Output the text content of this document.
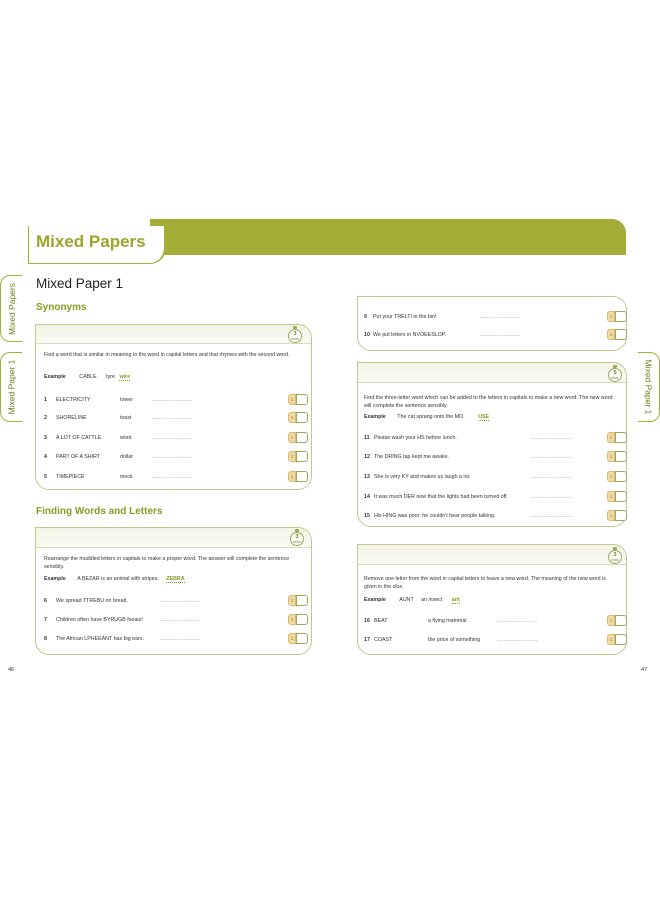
Mixed Papers
Mixed Paper 1
Mixed Papers
Mixed Paper 1	Mixed Paper 1
Synonyms
3
mins
Find a word that is similar in meaning to the word in capital letters and that rhymes with the second word.
Example	CABLE tyre wire
Finding Words and Letters
3
mins
Rearrange the muddled letters in capitals to make a proper word. The answer will complete the sentence sensibly.
Example A BEZAR is an animal with stripes. ZEBRA
5
mins
Find the three-letter word which can be added to the letters in capitals to make a new word. The new word will complete the sentence sensibly.
Example The cat sprang onto the MO.	USE
3
mins
Remove one letter from the word in capital letters to leave a new word. The meaning of the new word is given in the clue.
Example	AUNT an insect ant
46	47
1 ELECTRICITY	tower	........................	1
2 SHORELINE	toast	........................	1
3 A LOT OF CATTLE	word	........................	1
4 PART OF A SHIRT	dollar	........................	1
5 TIMEPIECE	mock	........................	1
6 We spread TTREBU on bread.	........................	1
7 Children often have BYRUGB fseaui!	........................	1
8 The African LPHEEANT has big ears.	........................	1
9 Put your TRELTI in the bin!	........................	1
10 We put letters in NVOEESLOP.	........................	1
11 Please wash your HS before lunch.	........................	1
12 The DRING tap kept me awake.	........................	1
13 She is very KY and makes us laugh a lot.	........................	1
14 It was much DER now that the lights had been turned off.	........................	1
15 His HING was poor; he couldn't hear people talking.	........................	1
16 BEAT	a flying mammal	........................	1
17 COAST	the price of something	........................	1
